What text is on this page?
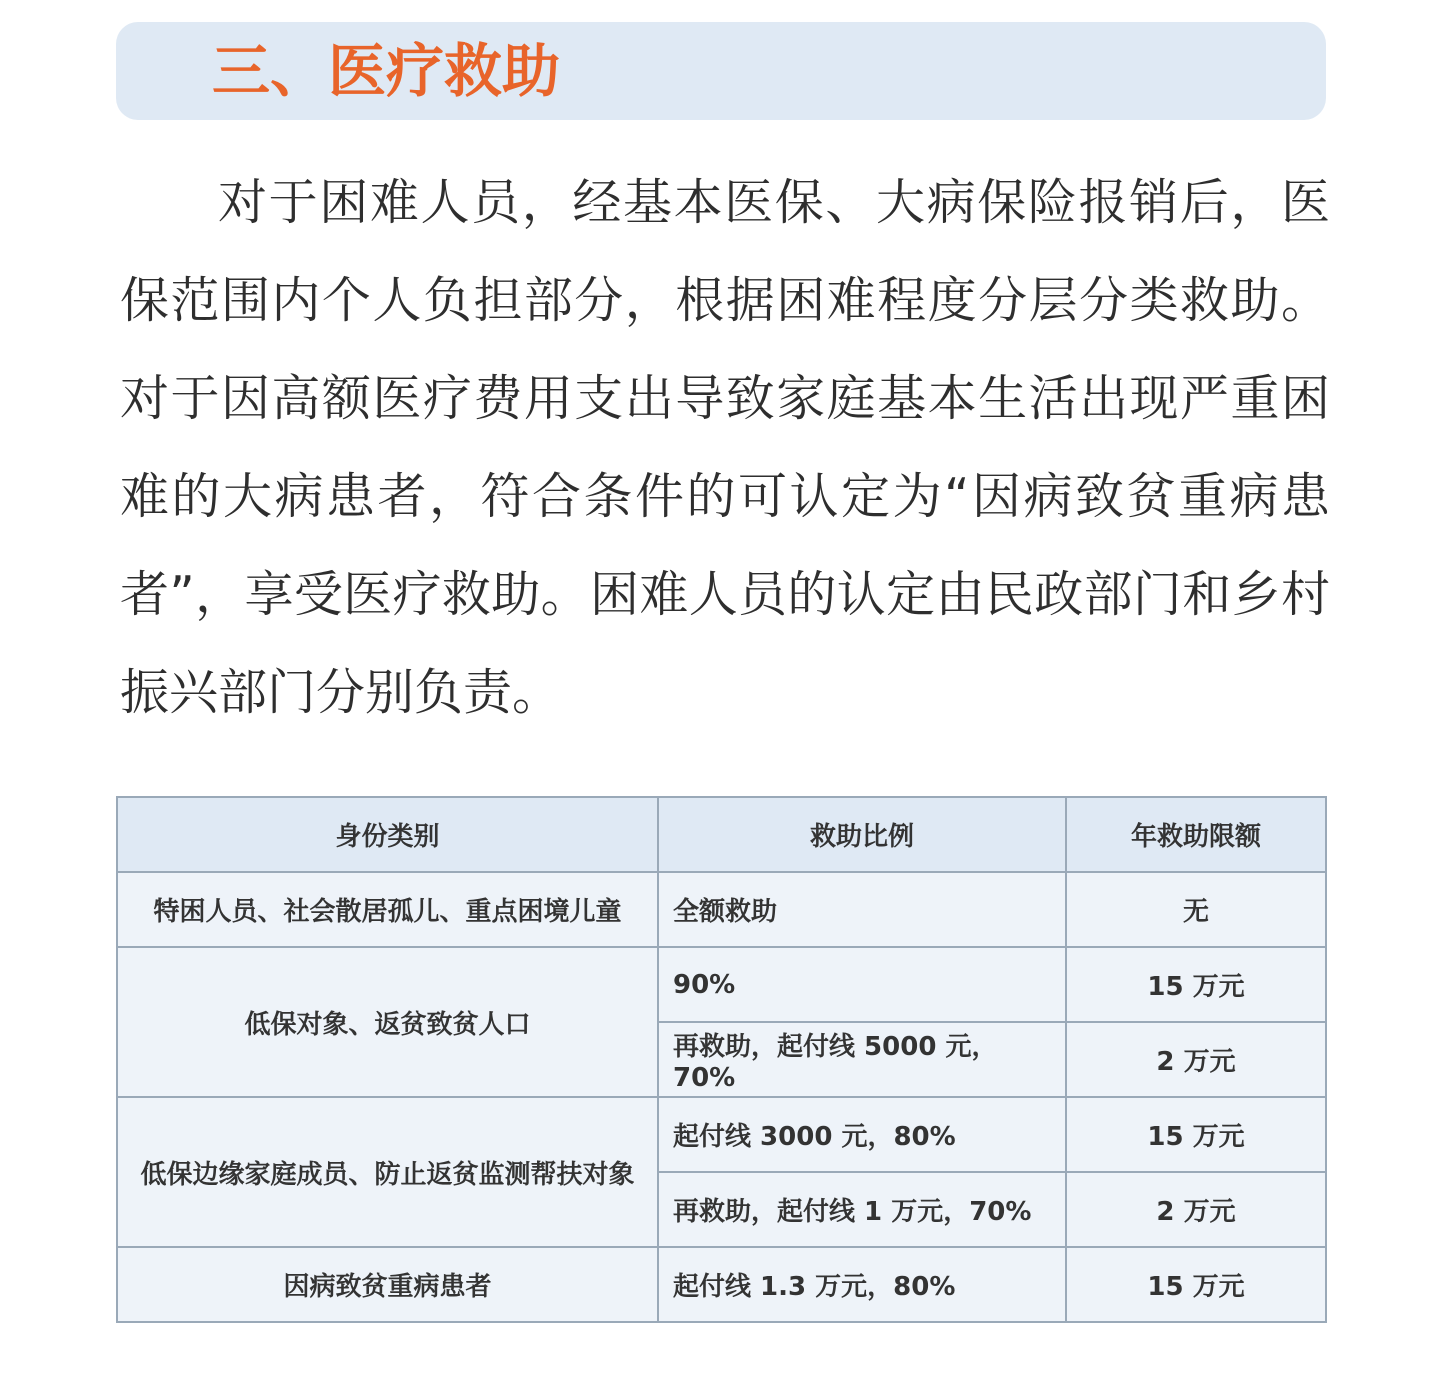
三、医疗救助

对于困难人员，经基本医保、大病保险报销后，医保范围内个人负担部分，根据困难程度分层分类救助。对于因高额医疗费用支出导致家庭基本生活出现严重困难的大病患者，符合条件的可认定为“因病致贫重病患者”，享受医疗救助。困难人员的认定由民政部门和乡村振兴部门分别负责。

身份类别	救助比例	年救助限额
特困人员、社会散居孤儿、重点困境儿童	全额救助	无
低保对象、返贫致贫人口	90%	15 万元
	再救助，起付线 5000 元，70%	2 万元
低保边缘家庭成员、防止返贫监测帮扶对象	起付线 3000 元，80%	15 万元
	再救助，起付线 1 万元，70%	2 万元
因病致贫重病患者	起付线 1.3 万元，80%	15 万元
